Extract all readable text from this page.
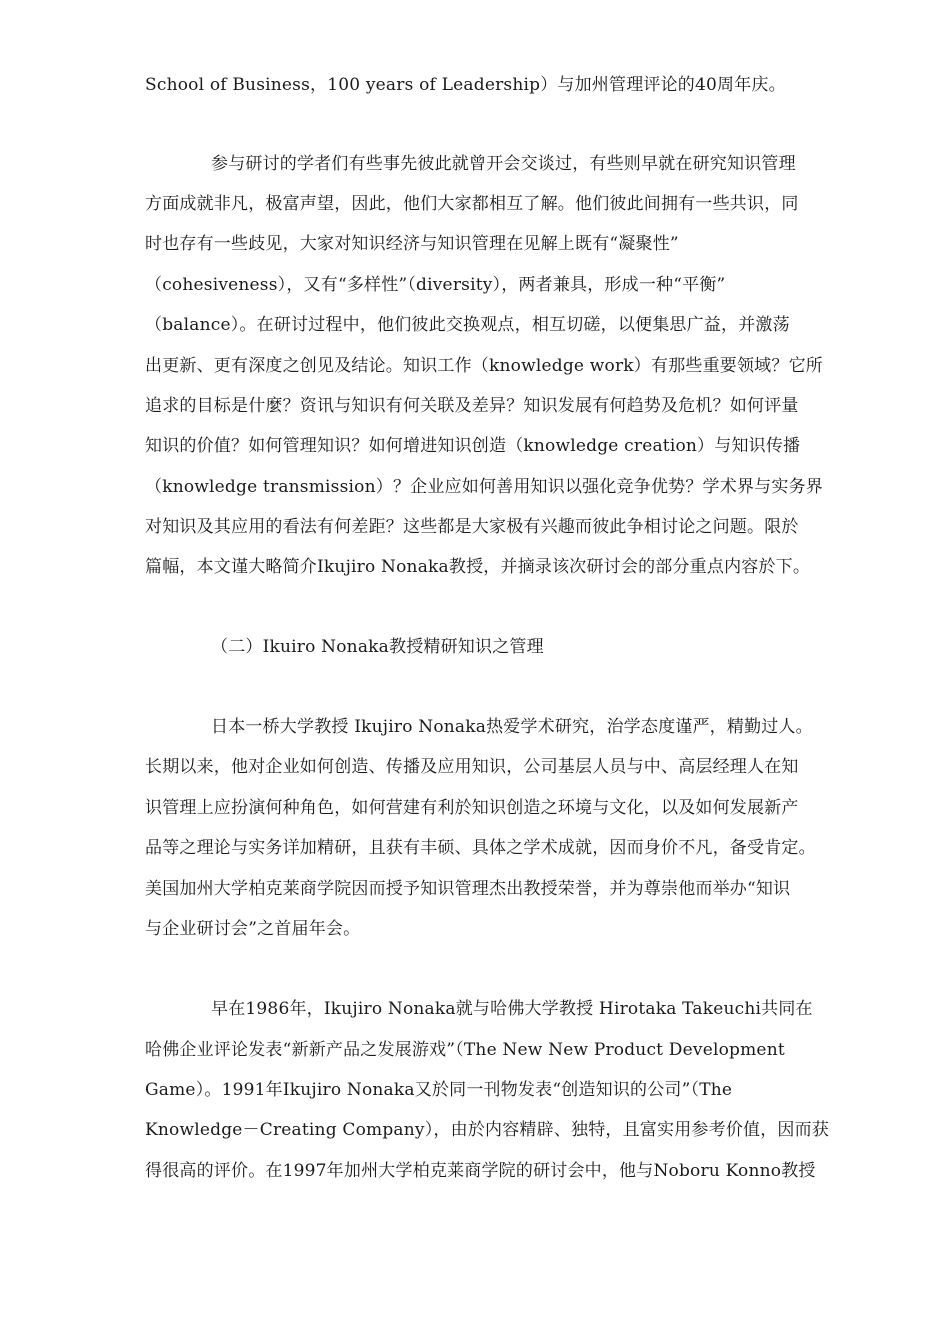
School of Business，100 years of Leadership）与加州管理评论的40周年庆。
参与研讨的学者们有些事先彼此就曾开会交谈过，有些则早就在研究知识管理
方面成就非凡，极富声望，因此，他们大家都相互了解。他们彼此间拥有一些共识，同
时也存有一些歧见，大家对知识经济与知识管理在见解上既有“凝聚性”
（cohesiveness），又有“多样性”（diversity），两者兼具，形成一种“平衡”
（balance）。在研讨过程中，他们彼此交换观点，相互切磋，以便集思广益，并激荡
出更新、更有深度之创见及结论。知识工作（knowledge work）有那些重要领域？它所
追求的目标是什麼？资讯与知识有何关联及差异？知识发展有何趋势及危机？如何评量
知识的价值？如何管理知识？如何增进知识创造（knowledge creation）与知识传播
（knowledge transmission）？企业应如何善用知识以强化竞争优势？学术界与实务界
对知识及其应用的看法有何差距？这些都是大家极有兴趣而彼此争相讨论之问题。限於
篇幅，本文谨大略简介Ikujiro Nonaka教授，并摘录该次研讨会的部分重点内容於下。
（二）Ikuiro Nonaka教授精研知识之管理
日本一桥大学教授 Ikujiro Nonaka热爱学术研究，治学态度谨严，精勤过人。
长期以来，他对企业如何创造、传播及应用知识，公司基层人员与中、高层经理人在知
识管理上应扮演何种角色，如何营建有利於知识创造之环境与文化，以及如何发展新产
品等之理论与实务详加精研，且获有丰硕、具体之学术成就，因而身价不凡，备受肯定。
美国加州大学柏克莱商学院因而授予知识管理杰出教授荣誉，并为尊崇他而举办“知识
与企业研讨会”之首届年会。
早在1986年，Ikujiro Nonaka就与哈佛大学教授 Hirotaka Takeuchi共同在
哈佛企业评论发表“新新产品之发展游戏”（The New New Product Development
Game）。1991年Ikujiro Nonaka又於同一刊物发表“创造知识的公司”（The
Knowledge－Creating Company），由於内容精辟、独特，且富实用参考价值，因而获
得很高的评价。在1997年加州大学柏克莱商学院的研讨会中，他与Noboru Konno教授
